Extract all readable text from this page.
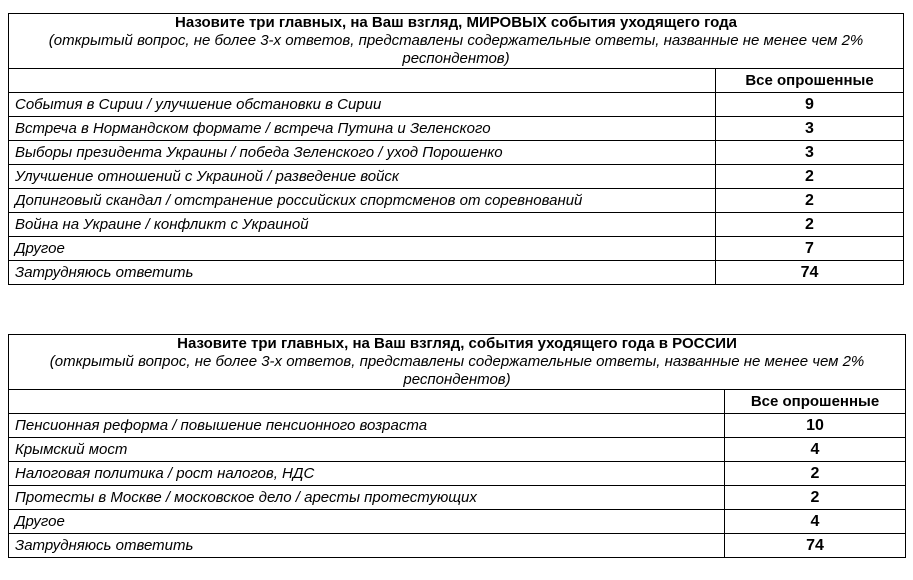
Назовите три главных, на Ваш взгляд, МИРОВЫХ события уходящего года
(открытый вопрос, не более 3-х ответов, представлены содержательные ответы, названные не менее чем 2% респондентов)	

	Все опрошенные
События в Сирии / улучшение обстановки в Сирии	9
Встреча в Нормандском формате / встреча Путина и Зеленского	3
Выборы президента Украины / победа Зеленского / уход Порошенко	3
Улучшение отношений с Украиной / разведение войск	2
Допинговый скандал / отстранение российских спортсменов от соревнований	2
Война на Украине / конфликт с Украиной	2
Другое	7
Затрудняюсь ответить	74
Назовите три главных, на Ваш взгляд, события уходящего года в РОССИИ
(открытый вопрос, не более 3-х ответов, представлены содержательные ответы, названные не менее чем 2% респондентов)	

	Все опрошенные
Пенсионная реформа / повышение пенсионного возраста	10
Крымский мост	4
Налоговая политика / рост налогов, НДС	2
Протесты в Москве / московское дело / аресты протестующих	2
Другое	4
Затрудняюсь ответить	74
